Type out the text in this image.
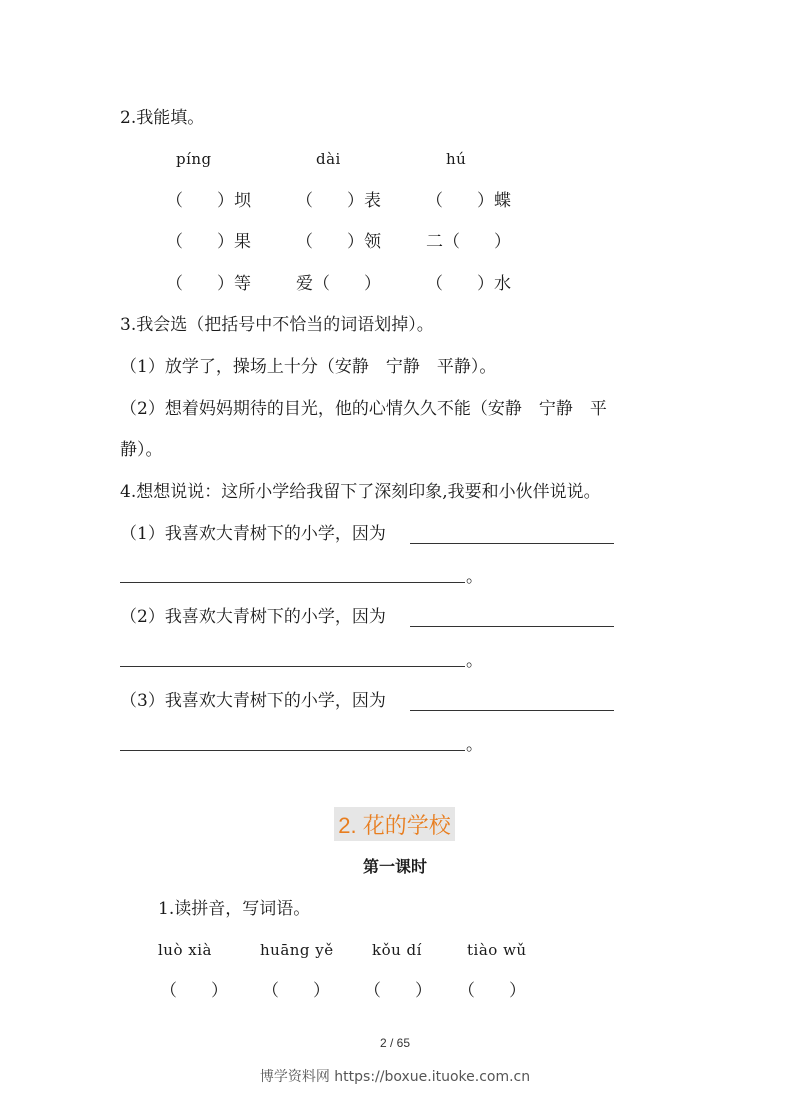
2.我能填。
píng	dài	hú
（　　）坝	（　　）表	（　　）蝶
（　　）果	（　　）领	二（　　）
（　　）等	爱（　　）	（　　）水
3.我会选（把括号中不恰当的词语划掉）。
（1）放学了，操场上十分（安静　宁静　平静）。
（2）想着妈妈期待的目光，他的心情久久不能（安静　宁静　平
静）。
4.想想说说：这所小学给我留下了深刻印象,我要和小伙伴说说。
（1）我喜欢大青树下的小学，因为
。
（2）我喜欢大青树下的小学，因为
。
（3）我喜欢大青树下的小学，因为
。
2. 花的学校
第一课时
1.读拼音，写词语。
luò xià	huāng yě	kǒu dí	tiào wǔ
（　　） （　　） （　　） （　　）
2 / 65
博学资料网 https://boxue.ituoke.com.cn
